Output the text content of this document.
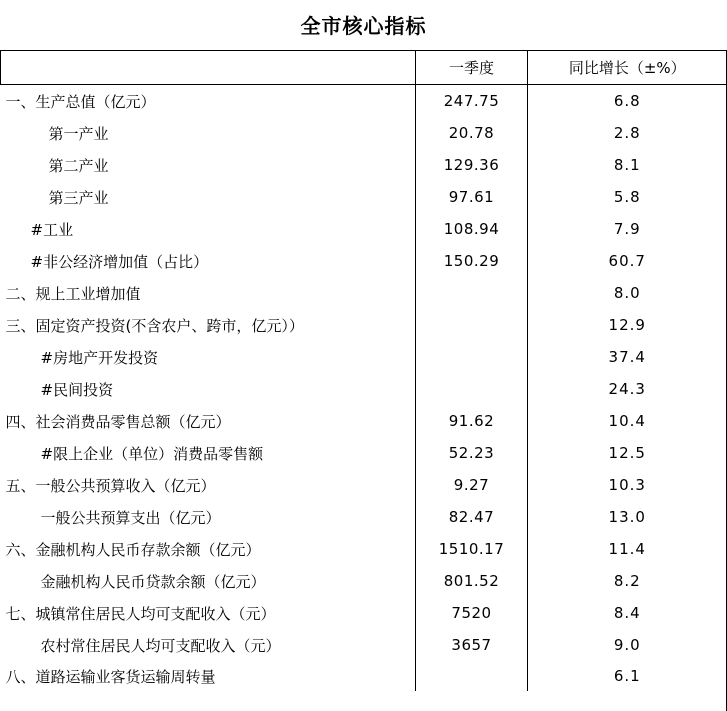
全市核心指标
	一季度	同比增长（±%）
一、生产总值（亿元）	247.75	6.8
第一产业	20.78	2.8
第二产业	129.36	8.1
第三产业	97.61	5.8
#工业	108.94	7.9
#非公经济增加值（占比）	150.29	60.7
二、规上工业增加值		8.0
三、固定资产投资(不含农户、跨市，亿元））		12.9
#房地产开发投资		37.4
#民间投资		24.3
四、社会消费品零售总额（亿元）	91.62	10.4
#限上企业（单位）消费品零售额	52.23	12.5
五、一般公共预算收入（亿元）	9.27	10.3
一般公共预算支出（亿元）	82.47	13.0
六、金融机构人民币存款余额（亿元）	1510.17	11.4
金融机构人民币贷款余额（亿元）	801.52	8.2
七、城镇常住居民人均可支配收入（元）	7520	8.4
农村常住居民人均可支配收入（元）	3657	9.0
八、道路运输业客货运输周转量		6.1
